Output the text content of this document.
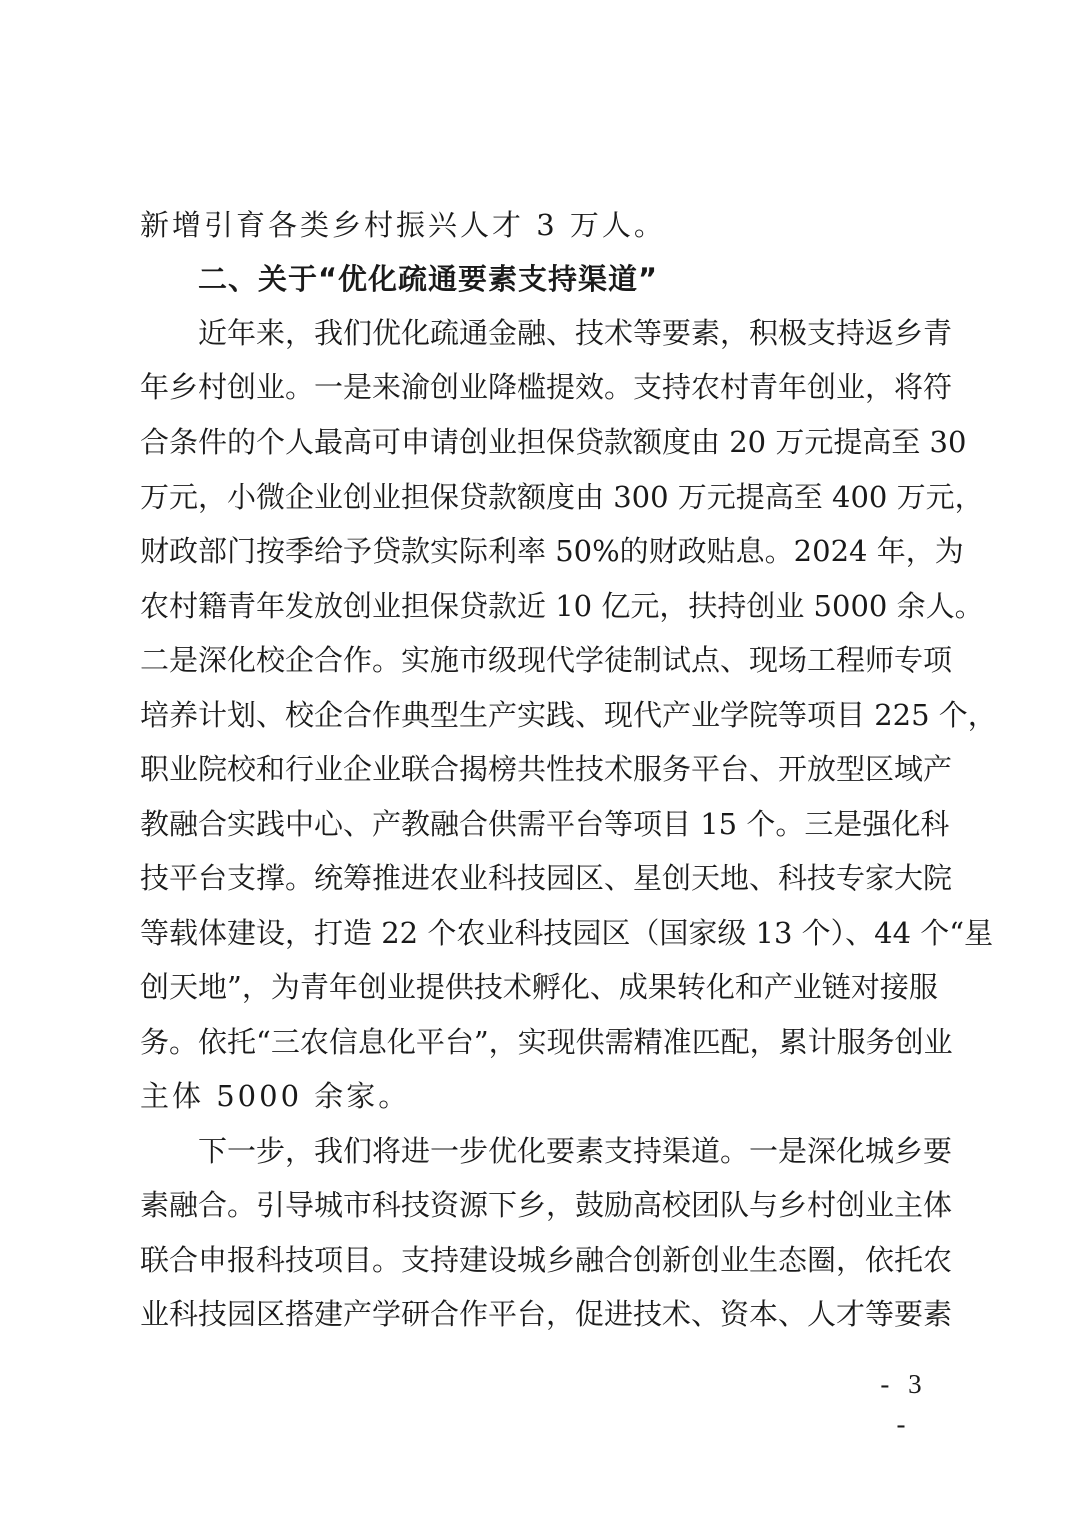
新增引育各类乡村振兴人才 3 万人。
二、关于“优化疏通要素支持渠道”
近年来，我们优化疏通金融、技术等要素，积极支持返乡青
年乡村创业。一是来渝创业降槛提效。支持农村青年创业，将符
合条件的个人最高可申请创业担保贷款额度由 20 万元提高至 30
万元，小微企业创业担保贷款额度由 300 万元提高至 400 万元，
财政部门按季给予贷款实际利率 50%的财政贴息。2024 年，为
农村籍青年发放创业担保贷款近 10 亿元，扶持创业 5000 余人。
二是深化校企合作。实施市级现代学徒制试点、现场工程师专项
培养计划、校企合作典型生产实践、现代产业学院等项目 225 个，
职业院校和行业企业联合揭榜共性技术服务平台、开放型区域产
教融合实践中心、产教融合供需平台等项目 15 个。三是强化科
技平台支撑。统筹推进农业科技园区、星创天地、科技专家大院
等载体建设，打造 22 个农业科技园区（国家级 13 个）、44 个“星
创天地”，为青年创业提供技术孵化、成果转化和产业链对接服
务。依托“三农信息化平台”，实现供需精准匹配，累计服务创业
主体 5000 余家。
下一步，我们将进一步优化要素支持渠道。一是深化城乡要
素融合。引导城市科技资源下乡，鼓励高校团队与乡村创业主体
联合申报科技项目。支持建设城乡融合创新创业生态圈，依托农
业科技园区搭建产学研合作平台，促进技术、资本、人才等要素
- 3 -
